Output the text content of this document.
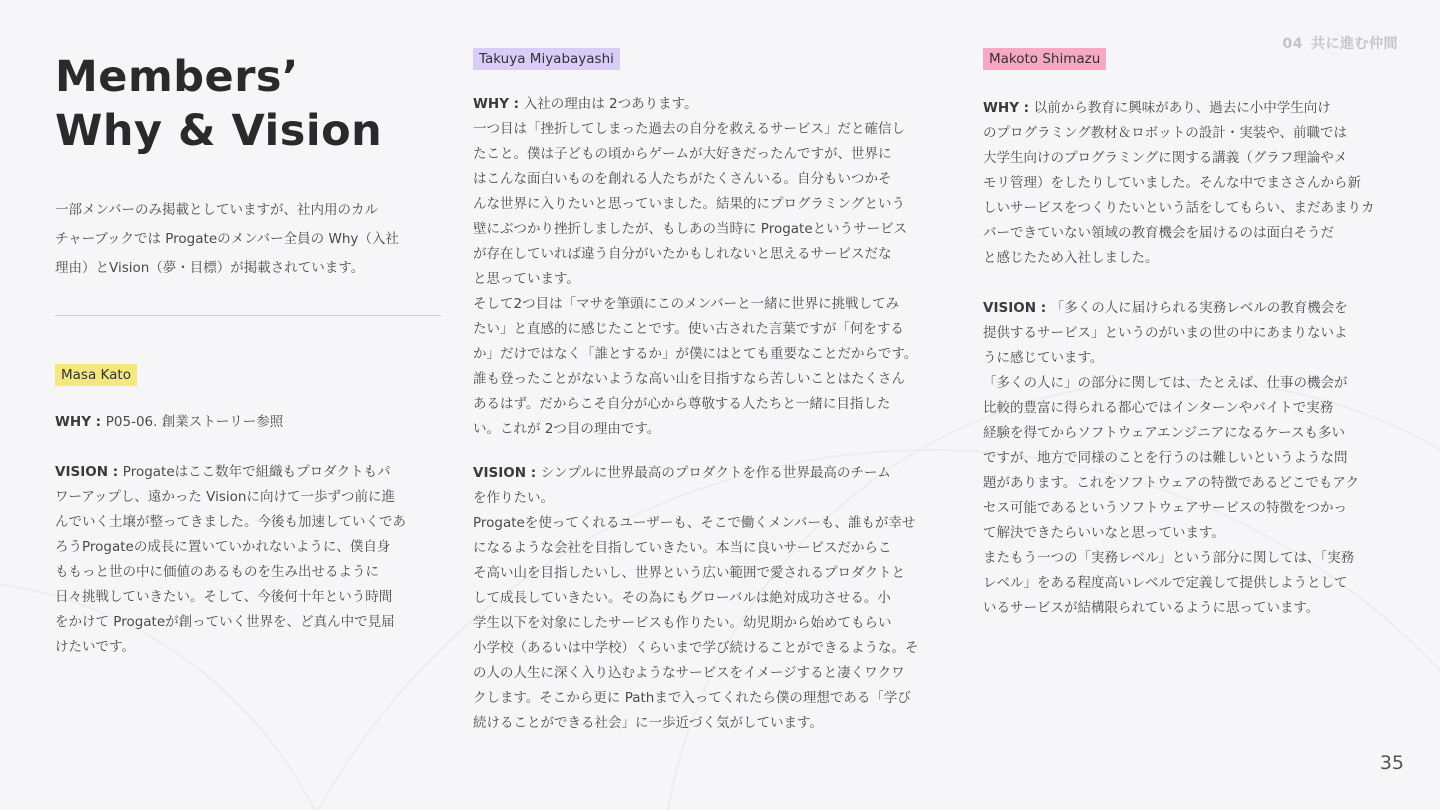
04 共に進む仲間
Members’
Why & Vision
一部メンバーのみ掲載としていますが、社内用のカル
チャーブックでは Progateのメンバー全員の Why（入社
理由）とVision（夢・目標）が掲載されています。
Masa Kato

WHY : P05-06. 創業ストーリー参照

VISION : Progateはここ数年で組織もプロダクトもパ
ワーアップし、遠かった Visionに向けて一歩ずつ前に進
んでいく土壌が整ってきました。今後も加速していくであ
ろうProgateの成長に置いていかれないように、僕自身
ももっと世の中に価値のあるものを生み出せるように
日々挑戦していきたい。そして、今後何十年という時間
をかけて Progateが創っていく世界を、ど真ん中で見届
けたいです。

Takuya Miyabayashi

WHY : 入社の理由は 2つあります。
一つ目は「挫折してしまった過去の自分を救えるサービス」だと確信し
たこと。僕は子どもの頃からゲームが大好きだったんですが、世界に
はこんな面白いものを創れる人たちがたくさんいる。自分もいつかそ
んな世界に入りたいと思っていました。結果的にプログラミングという
壁にぶつかり挫折しましたが、もしあの当時に Progateというサービス
が存在していれば違う自分がいたかもしれないと思えるサービスだな
と思っています。
そして2つ目は「マサを筆頭にこのメンバーと一緒に世界に挑戦してみ
たい」と直感的に感じたことです。使い古された言葉ですが「何をする
か」だけではなく「誰とするか」が僕にはとても重要なことだからです。
誰も登ったことがないような高い山を目指すなら苦しいことはたくさん
あるはず。だからこそ自分が心から尊敬する人たちと一緒に目指した
い。これが 2つ目の理由です。

VISION : シンプルに世界最高のプロダクトを作る世界最高のチーム
を作りたい。
Progateを使ってくれるユーザーも、そこで働くメンバーも、誰もが幸せ
になるような会社を目指していきたい。本当に良いサービスだからこ
そ高い山を目指したいし、世界という広い範囲で愛されるプロダクトと
して成長していきたい。その為にもグローバルは絶対成功させる。小
学生以下を対象にしたサービスも作りたい。幼児期から始めてもらい
小学校（あるいは中学校）くらいまで学び続けることができるような。そ
の人の人生に深く入り込むようなサービスをイメージすると凄くワクワ
クします。そこから更に Pathまで入ってくれたら僕の理想である「学び
続けることができる社会」に一歩近づく気がしています。

Makoto Shimazu

WHY : 以前から教育に興味があり、過去に小中学生向け
のプログラミング教材＆ロボットの設計・実装や、前職では
大学生向けのプログラミングに関する講義（グラフ理論やメ
モリ管理）をしたりしていました。そんな中でまささんから新
しいサービスをつくりたいという話をしてもらい、まだあまりカ
バーできていない領域の教育機会を届けるのは面白そうだ
と感じたため入社しました。

VISION : 「多くの人に届けられる実務レベルの教育機会を
提供するサービス」というのがいまの世の中にあまりないよ
うに感じています。
「多くの人に」の部分に関しては、たとえば、仕事の機会が
比較的豊富に得られる都心ではインターンやバイトで実務
経験を得てからソフトウェアエンジニアになるケースも多い
ですが、地方で同様のことを行うのは難しいというような問
題があります。これをソフトウェアの特徴であるどこでもアク
セス可能であるというソフトウェアサービスの特徴をつかっ
て解決できたらいいなと思っています。
またもう一つの「実務レベル」という部分に関しては、「実務
レベル」をある程度高いレベルで定義して提供しようとして
いるサービスが結構限られているように思っています。

35
